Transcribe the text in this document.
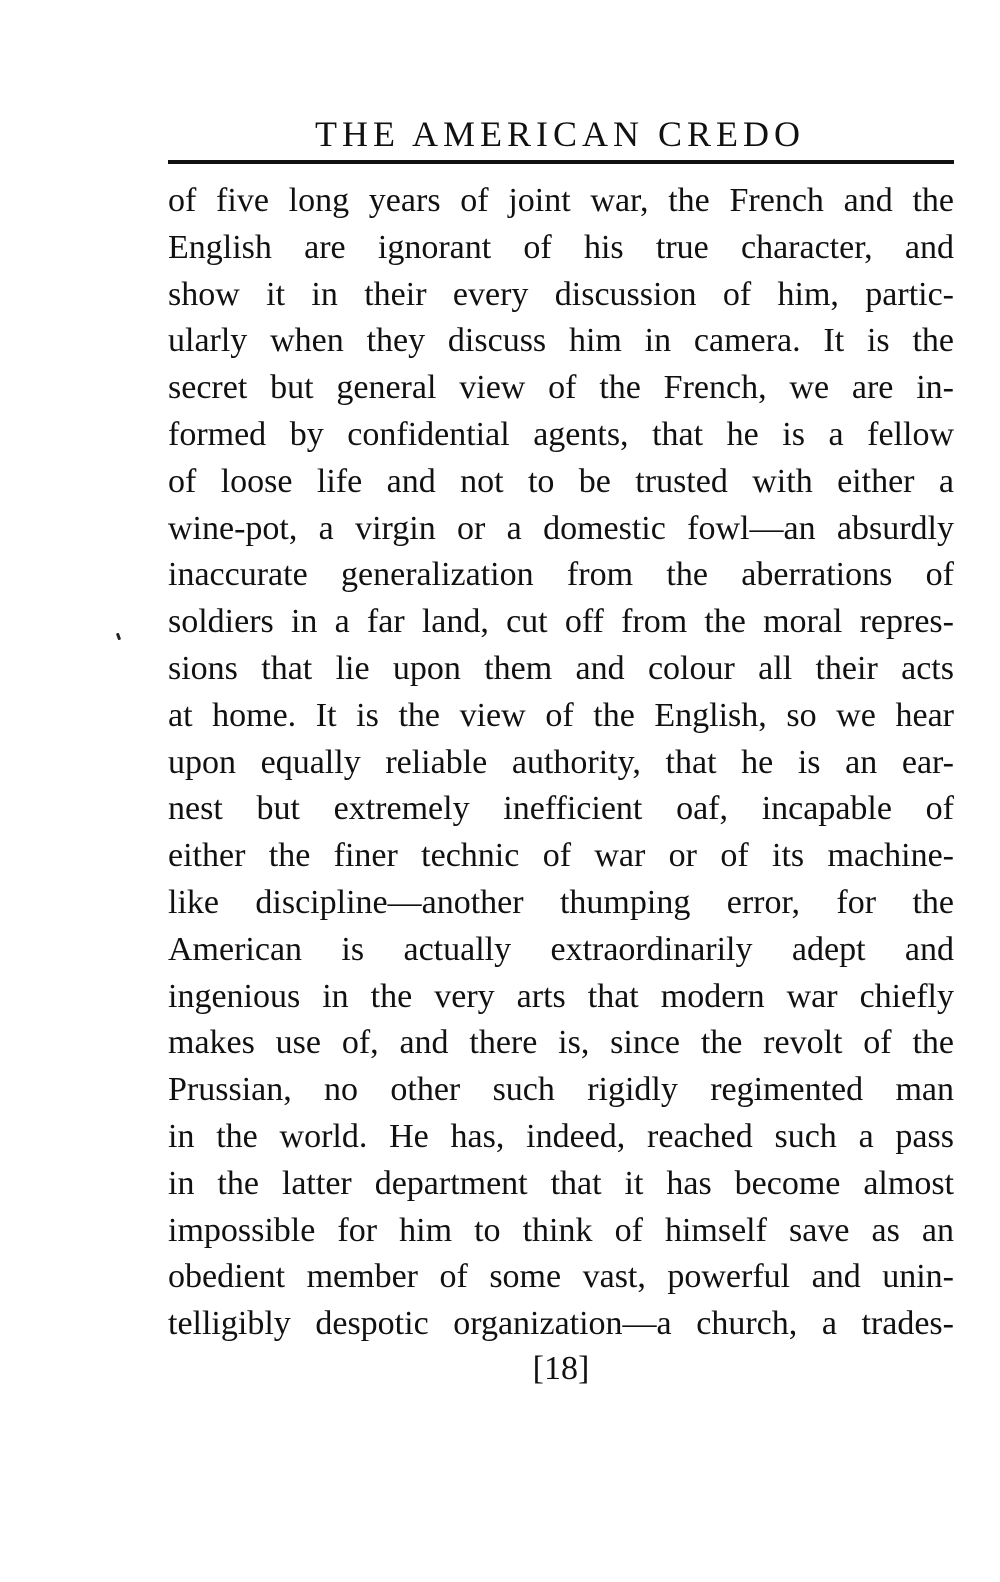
THE AMERICAN CREDO
of five long years of joint war, the French and the
English are ignorant of his true character, and
show it in their every discussion of him, partic-
ularly when they discuss him in camera. It is the
secret but general view of the French, we are in-
formed by confidential agents, that he is a fellow
of loose life and not to be trusted with either a
wine-pot, a virgin or a domestic fowl—an absurdly
inaccurate generalization from the aberrations of
soldiers in a far land, cut off from the moral repres-
sions that lie upon them and colour all their acts
at home. It is the view of the English, so we hear
upon equally reliable authority, that he is an ear-
nest but extremely inefficient oaf, incapable of
either the finer technic of war or of its machine-
like discipline—another thumping error, for the
American is actually extraordinarily adept and
ingenious in the very arts that modern war chiefly
makes use of, and there is, since the revolt of the
Prussian, no other such rigidly regimented man
in the world. He has, indeed, reached such a pass
in the latter department that it has become almost
impossible for him to think of himself save as an
obedient member of some vast, powerful and unin-
telligibly despotic organization—a church, a trades-

[18]
